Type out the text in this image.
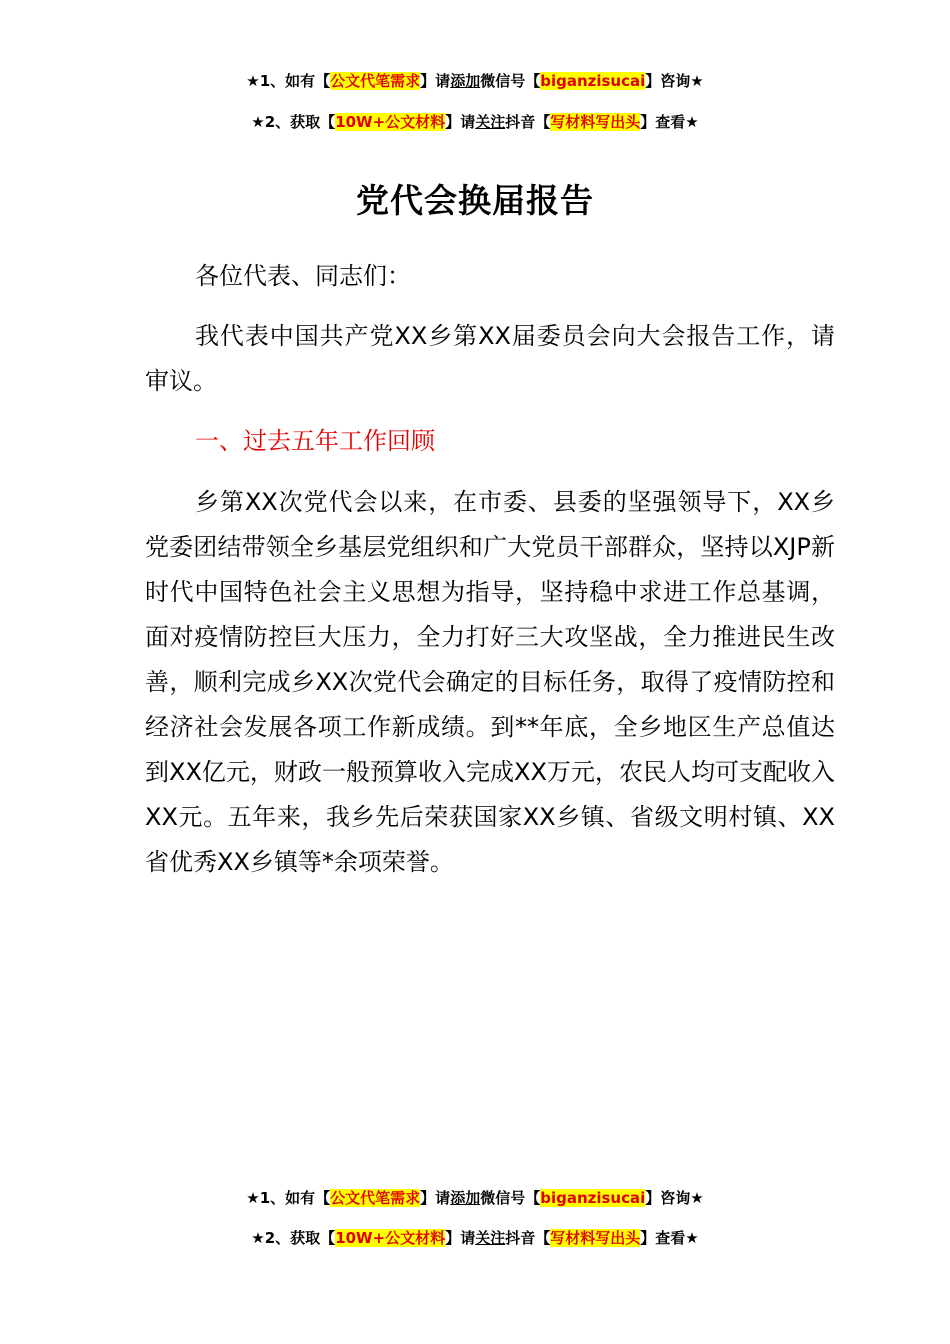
★1、如有【公文代笔需求】请添加微信号【biganzisucai】咨询★
★2、获取【10W+公文材料】请关注抖音【写材料写出头】查看★
党代会换届报告

各位代表、同志们：

我代表中国共产党XX乡第XX届委员会向大会报告工作，请审议。

一、过去五年工作回顾

乡第XX次党代会以来，在市委、县委的坚强领导下，XX乡党委团结带领全乡基层党组织和广大党员干部群众，坚持以XJP新时代中国特色社会主义思想为指导，坚持稳中求进工作总基调，面对疫情防控巨大压力，全力打好三大攻坚战，全力推进民生改善，顺利完成乡XX次党代会确定的目标任务，取得了疫情防控和经济社会发展各项工作新成绩。到**年底，全乡地区生产总值达到XX亿元，财政一般预算收入完成XX万元，农民人均可支配收入XX元。五年来，我乡先后荣获国家XX乡镇、省级文明村镇、XX省优秀XX乡镇等*余项荣誉。

★1、如有【公文代笔需求】请添加微信号【biganzisucai】咨询★
★2、获取【10W+公文材料】请关注抖音【写材料写出头】查看★
